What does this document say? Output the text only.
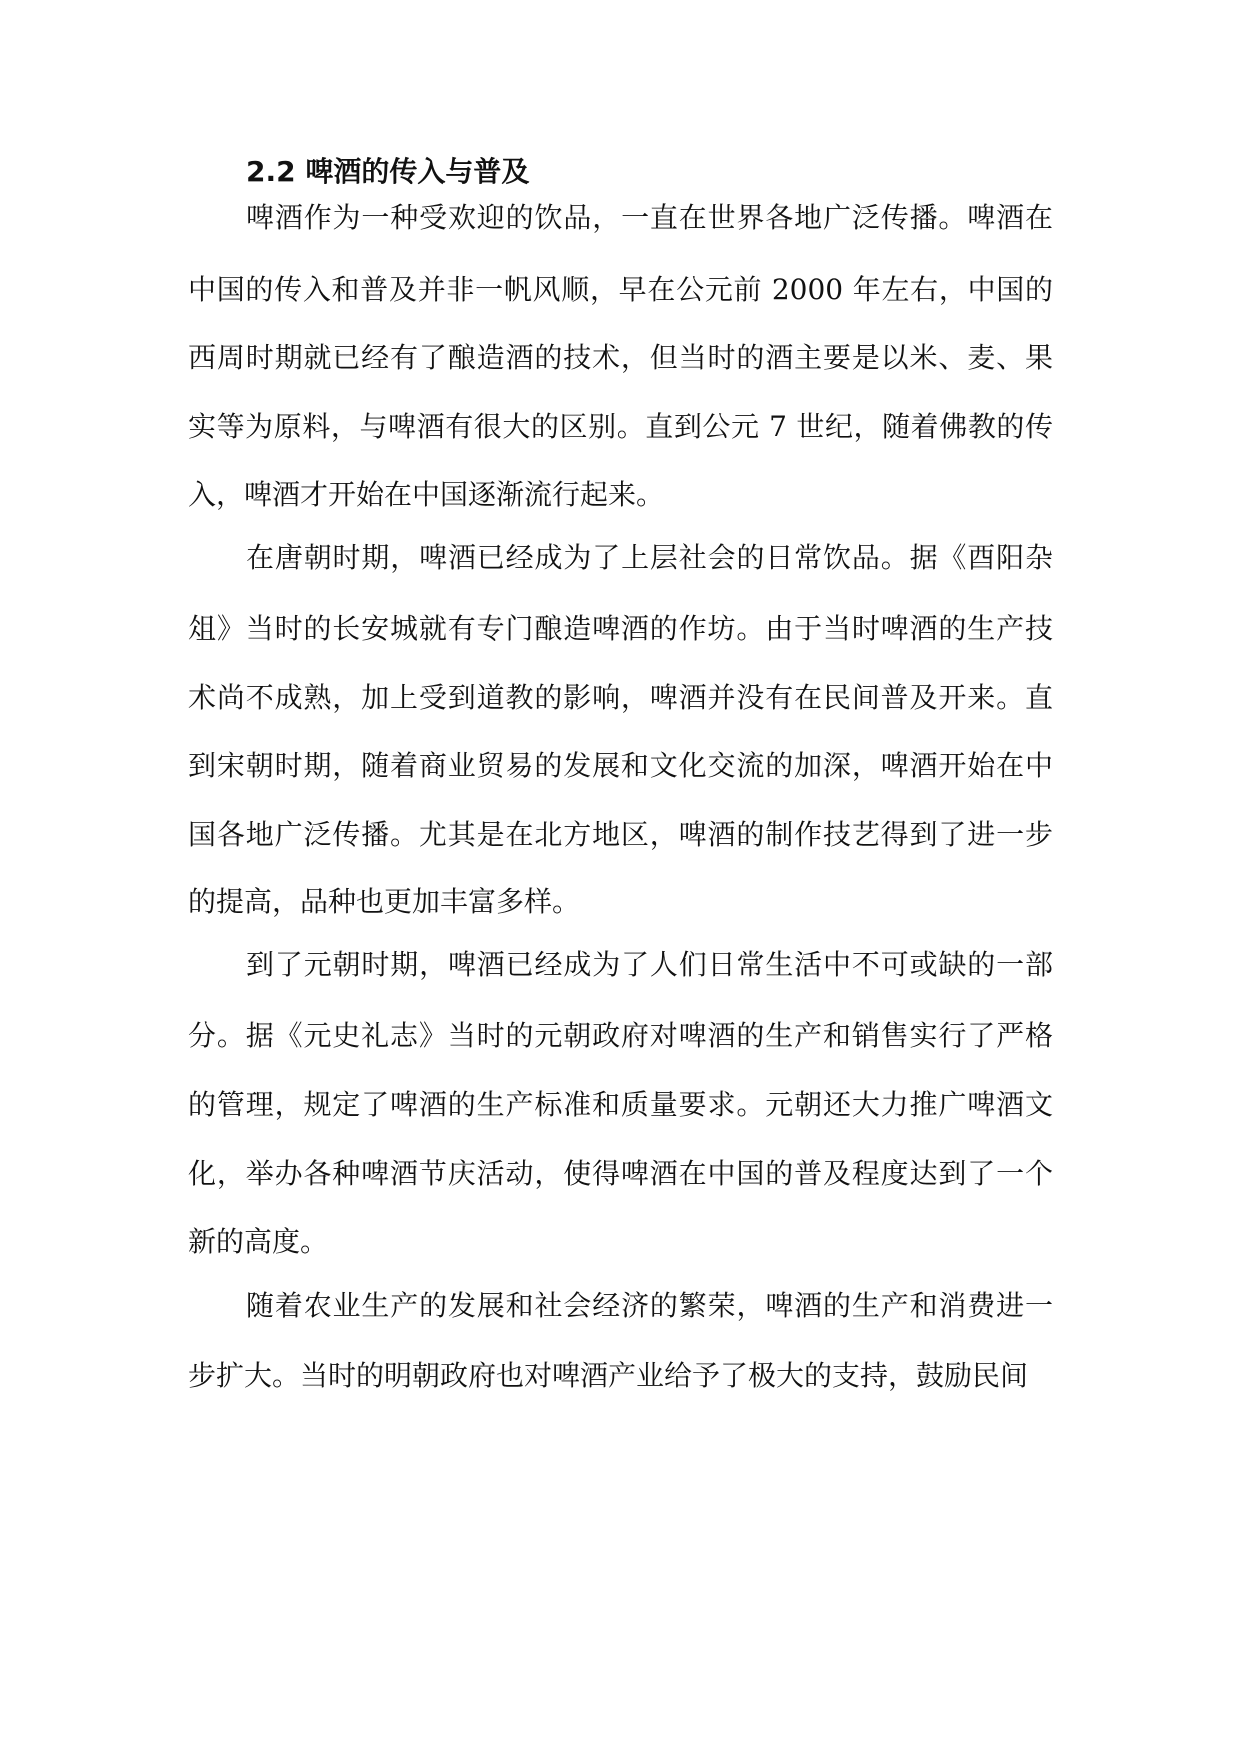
2.2 啤酒的传入与普及
啤酒作为一种受欢迎的饮品，一直在世界各地广泛传播。啤酒在
中国的传入和普及并非一帆风顺，早在公元前 2000 年左右，中国的
西周时期就已经有了酿造酒的技术，但当时的酒主要是以米、麦、果
实等为原料，与啤酒有很大的区别。直到公元 7 世纪，随着佛教的传
入，啤酒才开始在中国逐渐流行起来。
在唐朝时期，啤酒已经成为了上层社会的日常饮品。据《酉阳杂
俎》当时的长安城就有专门酿造啤酒的作坊。由于当时啤酒的生产技
术尚不成熟，加上受到道教的影响，啤酒并没有在民间普及开来。直
到宋朝时期，随着商业贸易的发展和文化交流的加深，啤酒开始在中
国各地广泛传播。尤其是在北方地区，啤酒的制作技艺得到了进一步
的提高，品种也更加丰富多样。
到了元朝时期，啤酒已经成为了人们日常生活中不可或缺的一部
分。据《元史礼志》当时的元朝政府对啤酒的生产和销售实行了严格
的管理，规定了啤酒的生产标准和质量要求。元朝还大力推广啤酒文
化，举办各种啤酒节庆活动，使得啤酒在中国的普及程度达到了一个
新的高度。
随着农业生产的发展和社会经济的繁荣，啤酒的生产和消费进一
步扩大。当时的明朝政府也对啤酒产业给予了极大的支持，鼓励民间
